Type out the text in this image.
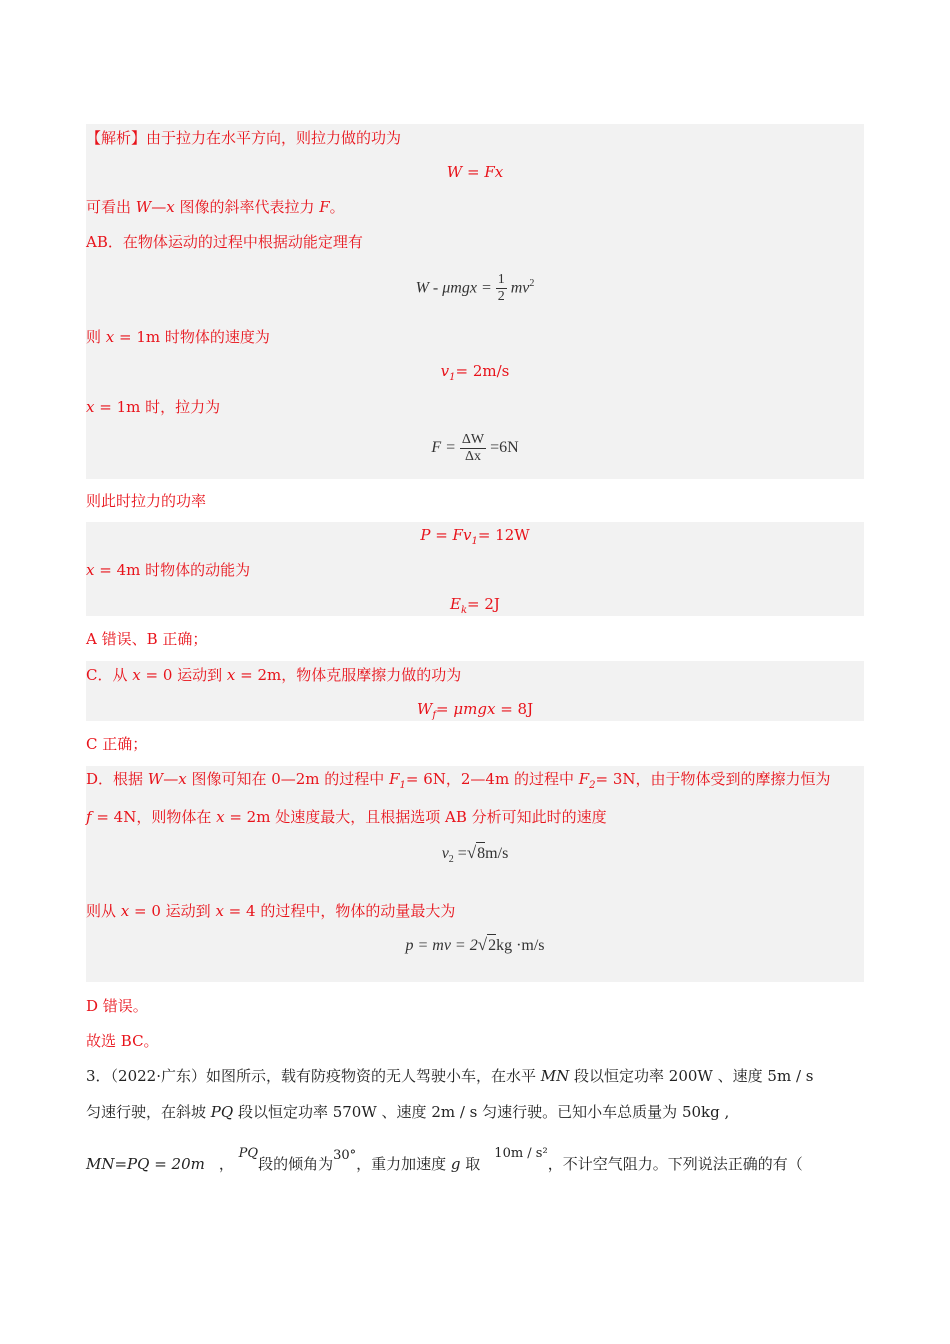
【解析】由于拉力在水平方向，则拉力做的功为
W = Fx
可看出 W—x 图像的斜率代表拉力 F。
AB．在物体运动的过程中根据动能定理有
$W - \mu mgx = \frac{1}{2} mv^2$
则 x = 1m 时物体的速度为
$v_1= 2m/s$
x = 1m 时，拉力为
$F = \frac{\Delta W}{\Delta x} =6N$
则此时拉力的功率
$P = Fv_1= 12W$
x = 4m 时物体的动能为
$E_k= 2J$
A 错误、B 正确；
C．从 x = 0 运动到 x = 2m，物体克服摩擦力做的功为
$W_f= \mu mgx = 8J$
C 正确；
D．根据 W—x 图像可知在 0—2m 的过程中 $F_1= 6N$，2—4m 的过程中 $F_2= 3N$，由于物体受到的摩擦力恒为
f = 4N，则物体在 x = 2m 处速度最大，且根据选项 AB 分析可知此时的速度
$v_2 =√8m/s$
则从 x = 0 运动到 x = 4 的过程中，物体的动量最大为
p = mv = 2√2kg ·m/s
D 错误。
故选 BC。
3．（2022·广东）如图所示，载有防疫物资的无人驾驶小车，在水平 MN 段以恒定功率 200W 、速度 5m / s
匀速行驶，在斜坡 PQ 段以恒定功率 570W 、速度 2m / s 匀速行驶。已知小车总质量为 50kg ,
MN=PQ = 20m ， PQ段的倾角为30°，重力加速度 g 取10m / s²，不计空气阻力。下列说法正确的有（
